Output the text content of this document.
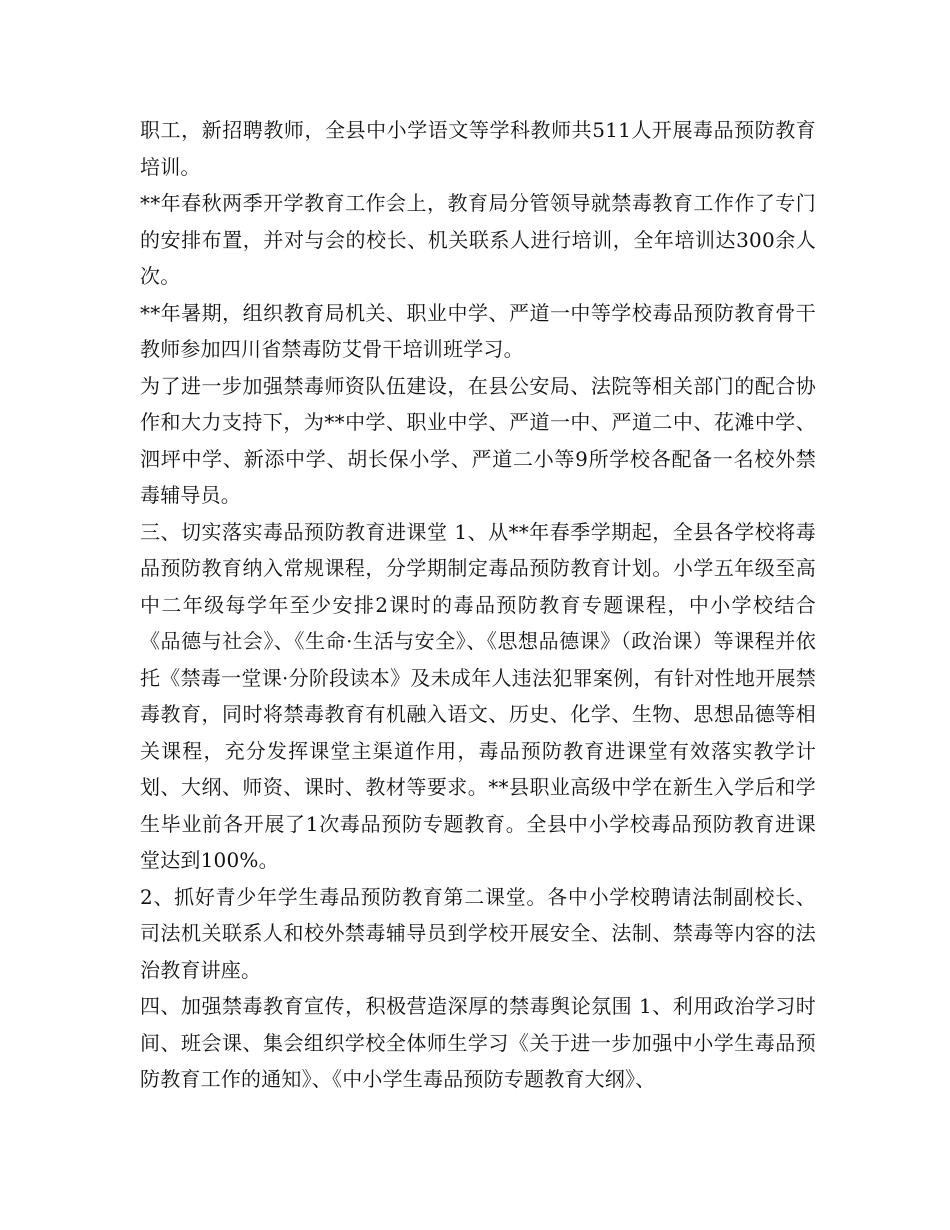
职工，新招聘教师，全县中小学语文等学科教师共511人开展毒品预防教育培训。

**年春秋两季开学教育工作会上，教育局分管领导就禁毒教育工作作了专门的安排布置，并对与会的校长、机关联系人进行培训，全年培训达300余人次。

**年暑期，组织教育局机关、职业中学、严道一中等学校毒品预防教育骨干教师参加四川省禁毒防艾骨干培训班学习。

为了进一步加强禁毒师资队伍建设，在县公安局、法院等相关部门的配合协作和大力支持下，为**中学、职业中学、严道一中、严道二中、花滩中学、泗坪中学、新添中学、胡长保小学、严道二小等9所学校各配备一名校外禁毒辅导员。

三、切实落实毒品预防教育进课堂 1、从**年春季学期起，全县各学校将毒品预防教育纳入常规课程，分学期制定毒品预防教育计划。小学五年级至高中二年级每学年至少安排2课时的毒品预防教育专题课程，中小学校结合《品德与社会》、《生命·生活与安全》、《思想品德课》（政治课）等课程并依托《禁毒一堂课·分阶段读本》及未成年人违法犯罪案例，有针对性地开展禁毒教育，同时将禁毒教育有机融入语文、历史、化学、生物、思想品德等相关课程，充分发挥课堂主渠道作用，毒品预防教育进课堂有效落实教学计划、大纲、师资、课时、教材等要求。**县职业高级中学在新生入学后和学生毕业前各开展了1次毒品预防专题教育。全县中小学校毒品预防教育进课堂达到100%。

2、抓好青少年学生毒品预防教育第二课堂。各中小学校聘请法制副校长、司法机关联系人和校外禁毒辅导员到学校开展安全、法制、禁毒等内容的法治教育讲座。

四、加强禁毒教育宣传，积极营造深厚的禁毒舆论氛围 1、利用政治学习时间、班会课、集会组织学校全体师生学习《关于进一步加强中小学生毒品预防教育工作的通知》、《中小学生毒品预防专题教育大纲》、
